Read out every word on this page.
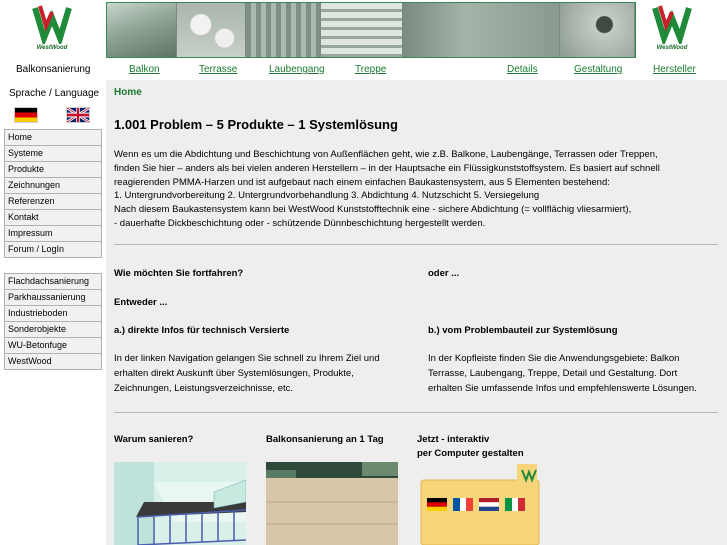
WestWood	WestWood
Balkonsanierung	Balkon	Terrasse	Laubengang	Treppe	Details	Gestaltung	Hersteller
Sprache / Language
Home
Systeme
Produkte
Zeichnungen
Referenzen
Kontakt
Impressum
Forum / LogIn
Flachdachsanierung
Parkhaussanierung
Industrieboden
Sonderobjekte
WU-Betonfuge
WestWood
Home
1.001 Problem – 5 Produkte – 1 Systemlösung
Wenn es um die Abdichtung und Beschichtung von Außenflächen geht, wie z.B. Balkone, Laubengänge, Terrassen oder Treppen,
finden Sie hier – anders als bei vielen anderen Herstellern – in der Hauptsache ein Flüssigkunststoffsystem. Es basiert auf schnell
reagierenden PMMA-Harzen und ist aufgebaut nach einem einfachen Baukastensystem, aus 5 Elementen bestehend:
1. Untergrundvorbereitung 2. Untergrundvorbehandlung 3. Abdichtung 4. Nutzschicht 5. Versiegelung
Nach diesem Baukastensystem kann bei WestWood Kunststofftechnik eine - sichere Abdichtung (= vollflächig vliesarmiert),
- dauerhafte Dickbeschichtung oder - schützende Dünnbeschichtung hergestellt werden.
Wie möchten Sie fortfahren?	oder ...
Entweder ...
a.) direkte Infos für technisch Versierte	b.) vom Problembauteil zur Systemlösung
In der linken Navigation gelangen Sie schnell zu Ihrem Ziel und
erhalten direkt Auskunft über Systemlösungen, Produkte,
Zeichnungen, Leistungsverzeichnisse, etc.
In der Kopfleiste finden Sie die Anwendungsgebiete: Balkon
Terrasse, Laubengang, Treppe, Detail und Gestaltung. Dort
erhalten Sie umfassende Infos und empfehlenswerte Lösungen.
Warum sanieren?	Balkonsanierung an 1 Tag	Jetzt - interaktiv
per Computer gestalten
